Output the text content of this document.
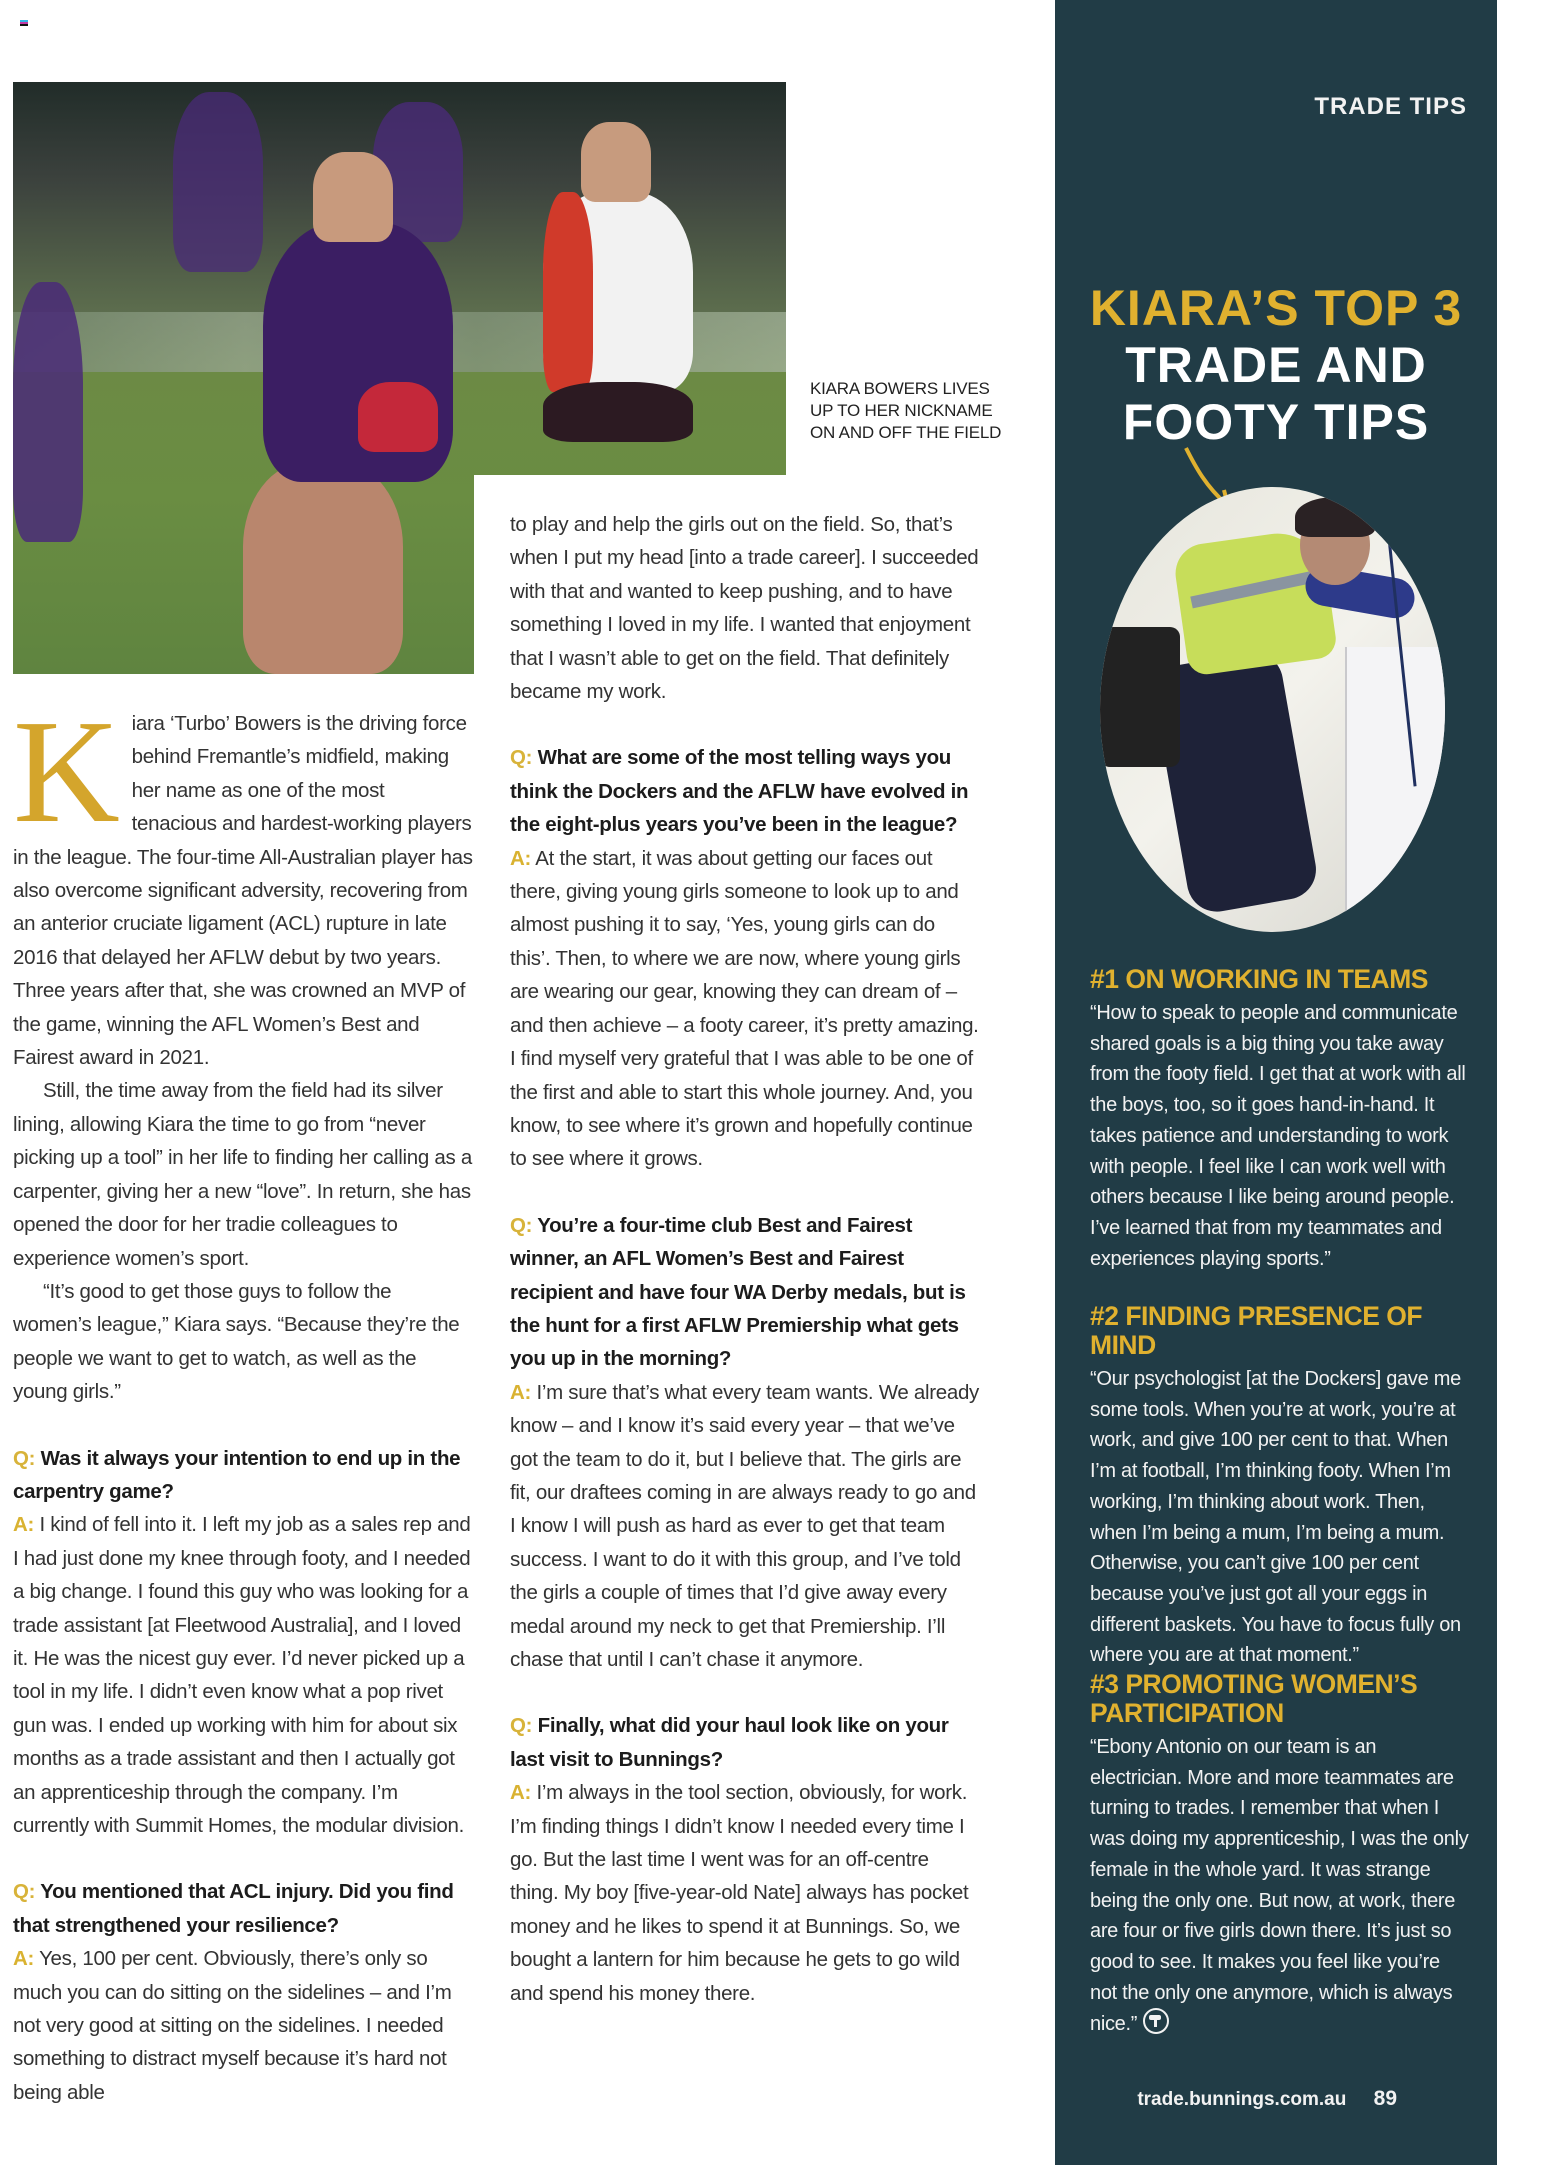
KIARA BOWERS LIVES UP TO HER NICKNAME ON AND OFF THE FIELD

Kiara ‘Turbo’ Bowers is the driving force behind Fremantle’s midfield, making her name as one of the most tenacious and hardest-working players in the league. The four-time All-Australian player has also overcome significant adversity, recovering from an anterior cruciate ligament (ACL) rupture in late 2016 that delayed her AFLW debut by two years. Three years after that, she was crowned an MVP of the game, winning the AFL Women’s Best and Fairest award in 2021.

Still, the time away from the field had its silver lining, allowing Kiara the time to go from “never picking up a tool” in her life to finding her calling as a carpenter, giving her a new “love”. In return, she has opened the door for her tradie colleagues to experience women’s sport.

“It’s good to get those guys to follow the women’s league,” Kiara says. “Because they’re the people we want to get to watch, as well as the young girls.”

Q: Was it always your intention to end up in the carpentry game?

A: I kind of fell into it. I left my job as a sales rep and I had just done my knee through footy, and I needed a big change. I found this guy who was looking for a trade assistant [at Fleetwood Australia], and I loved it. He was the nicest guy ever. I’d never picked up a tool in my life. I didn’t even know what a pop rivet gun was. I ended up working with him for about six months as a trade assistant and then I actually got an apprenticeship through the company. I’m currently with Summit Homes, the modular division.

Q: You mentioned that ACL injury. Did you find that strengthened your resilience?

A: Yes, 100 per cent. Obviously, there’s only so much you can do sitting on the sidelines – and I’m not very good at sitting on the sidelines. I needed something to distract myself because it’s hard not being able

to play and help the girls out on the field. So, that’s when I put my head [into a trade career]. I succeeded with that and wanted to keep pushing, and to have something I loved in my life. I wanted that enjoyment that I wasn’t able to get on the field. That definitely became my work.

Q: What are some of the most telling ways you think the Dockers and the AFLW have evolved in the eight-plus years you’ve been in the league?

A: At the start, it was about getting our faces out there, giving young girls someone to look up to and almost pushing it to say, ‘Yes, young girls can do this’. Then, to where we are now, where young girls are wearing our gear, knowing they can dream of – and then achieve – a footy career, it’s pretty amazing. I find myself very grateful that I was able to be one of the first and able to start this whole journey. And, you know, to see where it’s grown and hopefully continue to see where it grows.

Q: You’re a four-time club Best and Fairest winner, an AFL Women’s Best and Fairest recipient and have four WA Derby medals, but is the hunt for a first AFLW Premiership what gets you up in the morning?

A: I’m sure that’s what every team wants. We already know – and I know it’s said every year – that we’ve got the team to do it, but I believe that. The girls are fit, our draftees coming in are always ready to go and I know I will push as hard as ever to get that team success. I want to do it with this group, and I’ve told the girls a couple of times that I’d give away every medal around my neck to get that Premiership. I’ll chase that until I can’t chase it anymore.

Q: Finally, what did your haul look like on your last visit to Bunnings?

A: I’m always in the tool section, obviously, for work. I’m finding things I didn’t know I needed every time I go. But the last time I went was for an off-centre thing. My boy [five-year-old Nate] always has pocket money and he likes to spend it at Bunnings. So, we bought a lantern for him because he gets to go wild and spend his money there.

TRADE TIPS
KIARA’S TOP 3
TRADE AND
FOOTY TIPS
trade.bunnings.com.au 89
#1 ON WORKING IN TEAMS

“How to speak to people and communicate shared goals is a big thing you take away from the footy field. I get that at work with all the boys, too, so it goes hand-in-hand. It takes patience and understanding to work with people. I feel like I can work well with others because I like being around people. I’ve learned that from my teammates and experiences playing sports.”

#2 FINDING PRESENCE OF MIND

“Our psychologist [at the Dockers] gave me some tools. When you’re at work, you’re at work, and give 100 per cent to that. When I’m at football, I’m thinking footy. When I’m working, I’m thinking about work. Then, when I’m being a mum, I’m being a mum. Otherwise, you can’t give 100 per cent because you’ve just got all your eggs in different baskets. You have to focus fully on where you are at that moment.”

#3 PROMOTING WOMEN’S PARTICIPATION

“Ebony Antonio on our team is an electrician. More and more teammates are turning to trades. I remember that when I was doing my apprenticeship, I was the only female in the whole yard. It was strange being the only one. But now, at work, there are four or five girls down there. It’s just so good to see. It makes you feel like you’re not the only one anymore, which is always nice.”
